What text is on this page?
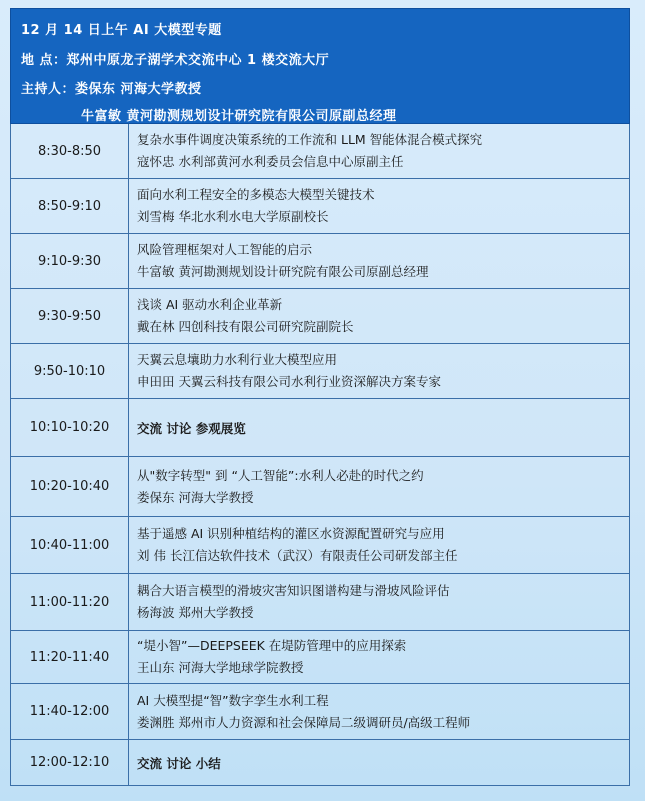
12 月 14 日上午 AI 大模型专题
地 点：郑州中原龙子湖学术交流中心 1 楼交流大厅
主持人：娄保东 河海大学教授
牛富敏 黄河勘测规划设计研究院有限公司原副总经理
8:30-8:50
复杂水事件调度决策系统的工作流和 LLM 智能体混合模式探究
寇怀忠 水利部黄河水利委员会信息中心原副主任
8:50-9:10
面向水利工程安全的多模态大模型关键技术
刘雪梅 华北水利水电大学原副校长
9:10-9:30
风险管理框架对人工智能的启示
牛富敏 黄河勘测规划设计研究院有限公司原副总经理
9:30-9:50
浅谈 AI 驱动水利企业革新
戴在林 四创科技有限公司研究院副院长
9:50-10:10
天翼云息壤助力水利行业大模型应用
申田田 天翼云科技有限公司水利行业资深解决方案专家
10:10-10:20	交流 讨论 参观展览
10:20-10:40
从"数字转型" 到 “人工智能”:水利人必赴的时代之约
娄保东 河海大学教授
10:40-11:00
基于遥感 AI 识别种植结构的灌区水资源配置研究与应用
刘 伟 长江信达软件技术（武汉）有限责任公司研发部主任
11:00-11:20
耦合大语言模型的滑坡灾害知识图谱构建与滑坡风险评估
杨海波 郑州大学教授
11:20-11:40
“堤小智”—DEEPSEEK 在堤防管理中的应用探索
王山东 河海大学地球学院教授
11:40-12:00
AI 大模型提“智”数字孪生水利工程
娄渊胜 郑州市人力资源和社会保障局二级调研员/高级工程师
12:00-12:10	交流 讨论 小结
